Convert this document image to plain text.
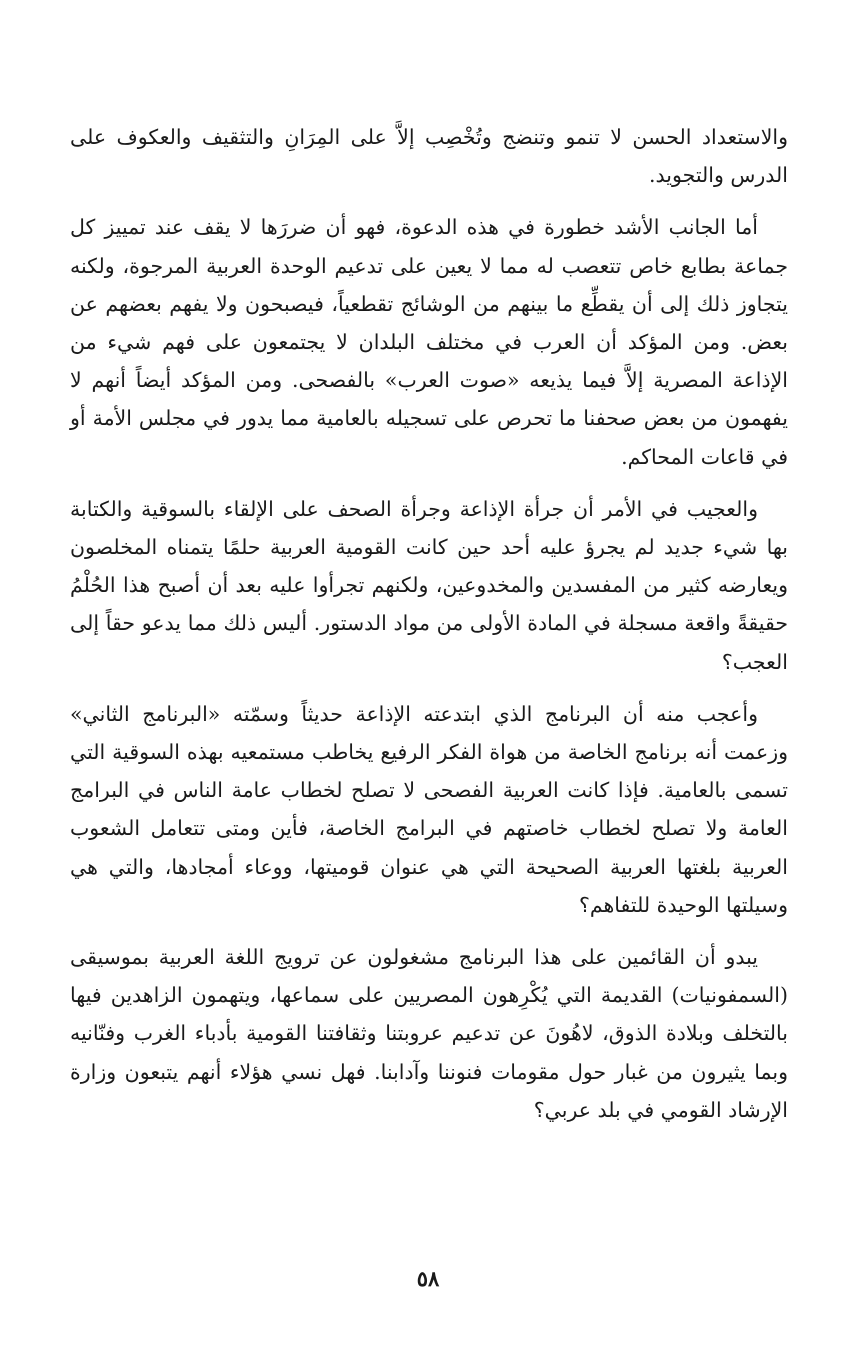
والاستعداد الحسن لا تنمو وتنضج وتُخْصِب إلاَّ على المِرَانِ والتثقيف والعكوف على الدرس والتجويد.

أما الجانب الأشد خطورة في هذه الدعوة، فهو أن ضررَها لا يقف عند تمييز كل جماعة بطابع خاص تتعصب له مما لا يعين على تدعيم الوحدة العربية المرجوة، ولكنه يتجاوز ذلك إلى أن يقطِّع ما بينهم من الوشائج تقطعياً، فيصبحون ولا يفهم بعضهم عن بعض. ومن المؤكد أن العرب في مختلف البلدان لا يجتمعون على فهم شيء من الإذاعة المصرية إلاَّ فيما يذيعه «صوت العرب» بالفصحى. ومن المؤكد أيضاً أنهم لا يفهمون من بعض صحفنا ما تحرص على تسجيله بالعامية مما يدور في مجلس الأمة أو في قاعات المحاكم.

والعجيب في الأمر أن جرأة الإذاعة وجرأة الصحف على الإلقاء بالسوقية والكتابة بها شيء جديد لم يجرؤ عليه أحد حين كانت القومية العربية حلمًا يتمناه المخلصون ويعارضه كثير من المفسدين والمخدوعين، ولكنهم تجرأوا عليه بعد أن أصبح هذا الحُلْمُ حقيقةً واقعة مسجلة في المادة الأولى من مواد الدستور. أليس ذلك مما يدعو حقاً إلى العجب؟

وأعجب منه أن البرنامج الذي ابتدعته الإذاعة حديثاً وسمّته «البرنامج الثاني» وزعمت أنه برنامج الخاصة من هواة الفكر الرفيع يخاطب مستمعيه بهذه السوقية التي تسمى بالعامية. فإذا كانت العربية الفصحى لا تصلح لخطاب عامة الناس في البرامج العامة ولا تصلح لخطاب خاصتهم في البرامج الخاصة، فأين ومتى تتعامل الشعوب العربية بلغتها العربية الصحيحة التي هي عنوان قوميتها، ووعاء أمجادها، والتي هي وسيلتها الوحيدة للتفاهم؟

يبدو أن القائمين على هذا البرنامج مشغولون عن ترويج اللغة العربية بموسيقى (السمفونيات) القديمة التي يُكْرِهون المصريين على سماعها، ويتهمون الزاهدين فيها بالتخلف وبلادة الذوق، لاهُونَ عن تدعيم عروبتنا وثقافتنا القومية بأدباء الغرب وفنّانيه وبما يثيرون من غبار حول مقومات فنوننا وآدابنا. فهل نسي هؤلاء أنهم يتبعون وزارة الإرشاد القومي في بلد عربي؟

٥٨
